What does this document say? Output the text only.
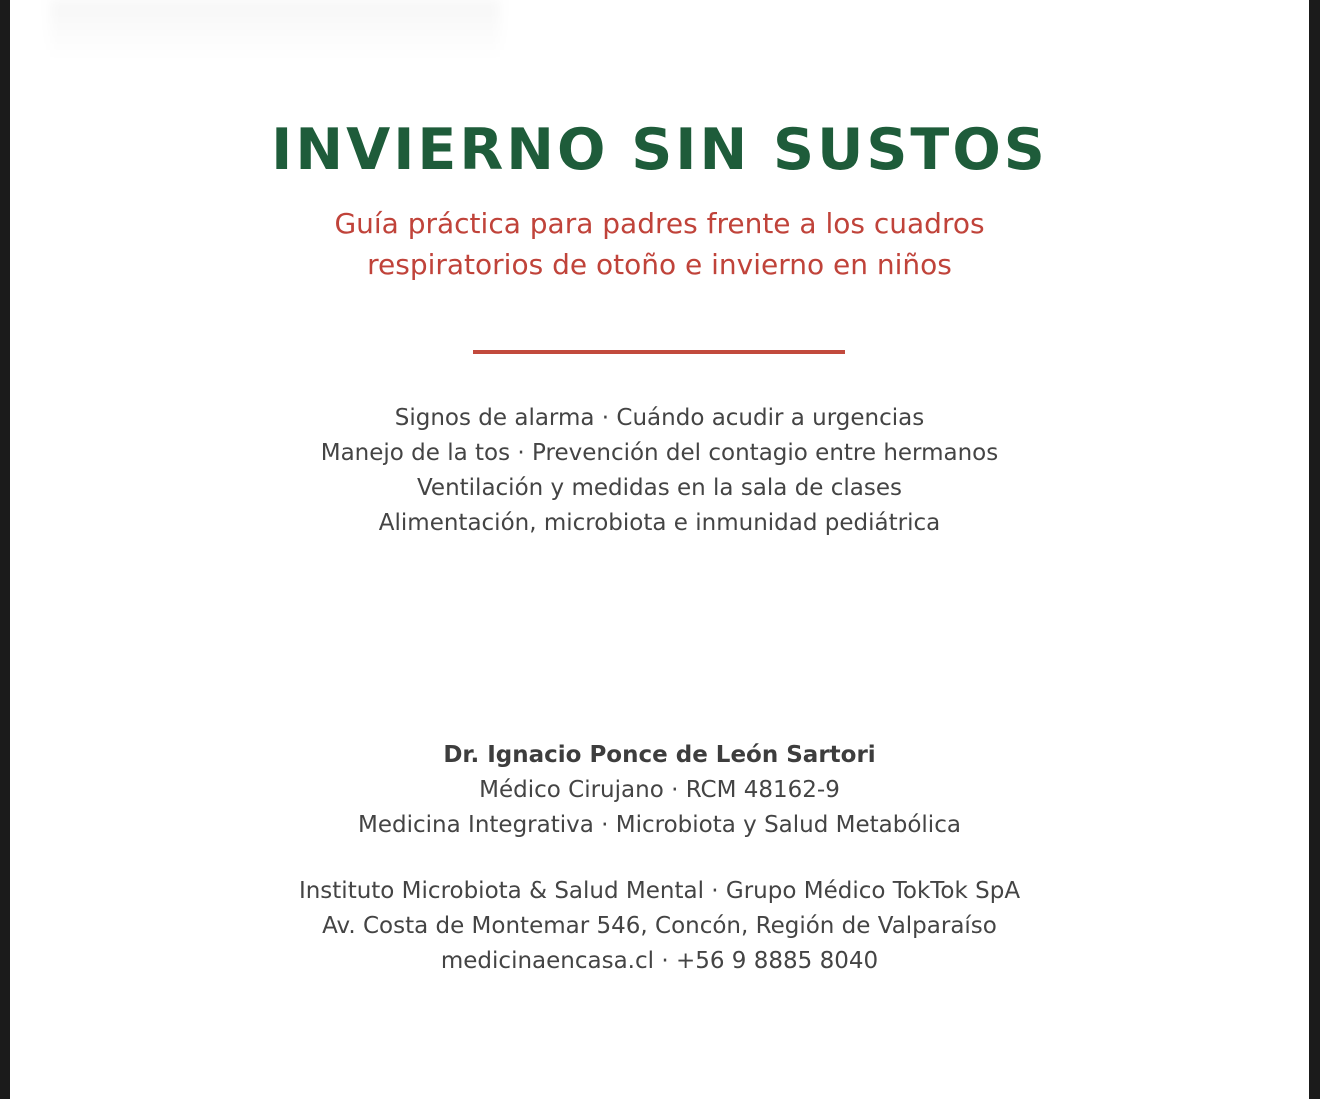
INVIERNO SIN SUSTOS
Guía práctica para padres frente a los cuadros
respiratorios de otoño e invierno en niños
Signos de alarma · Cuándo acudir a urgencias
Manejo de la tos · Prevención del contagio entre hermanos
Ventilación y medidas en la sala de clases
Alimentación, microbiota e inmunidad pediátrica
Dr. Ignacio Ponce de León Sartori
Médico Cirujano · RCM 48162-9
Medicina Integrativa · Microbiota y Salud Metabólica
Instituto Microbiota & Salud Mental · Grupo Médico TokTok SpA
Av. Costa de Montemar 546, Concón, Región de Valparaíso
medicinaencasa.cl · +56 9 8885 8040
